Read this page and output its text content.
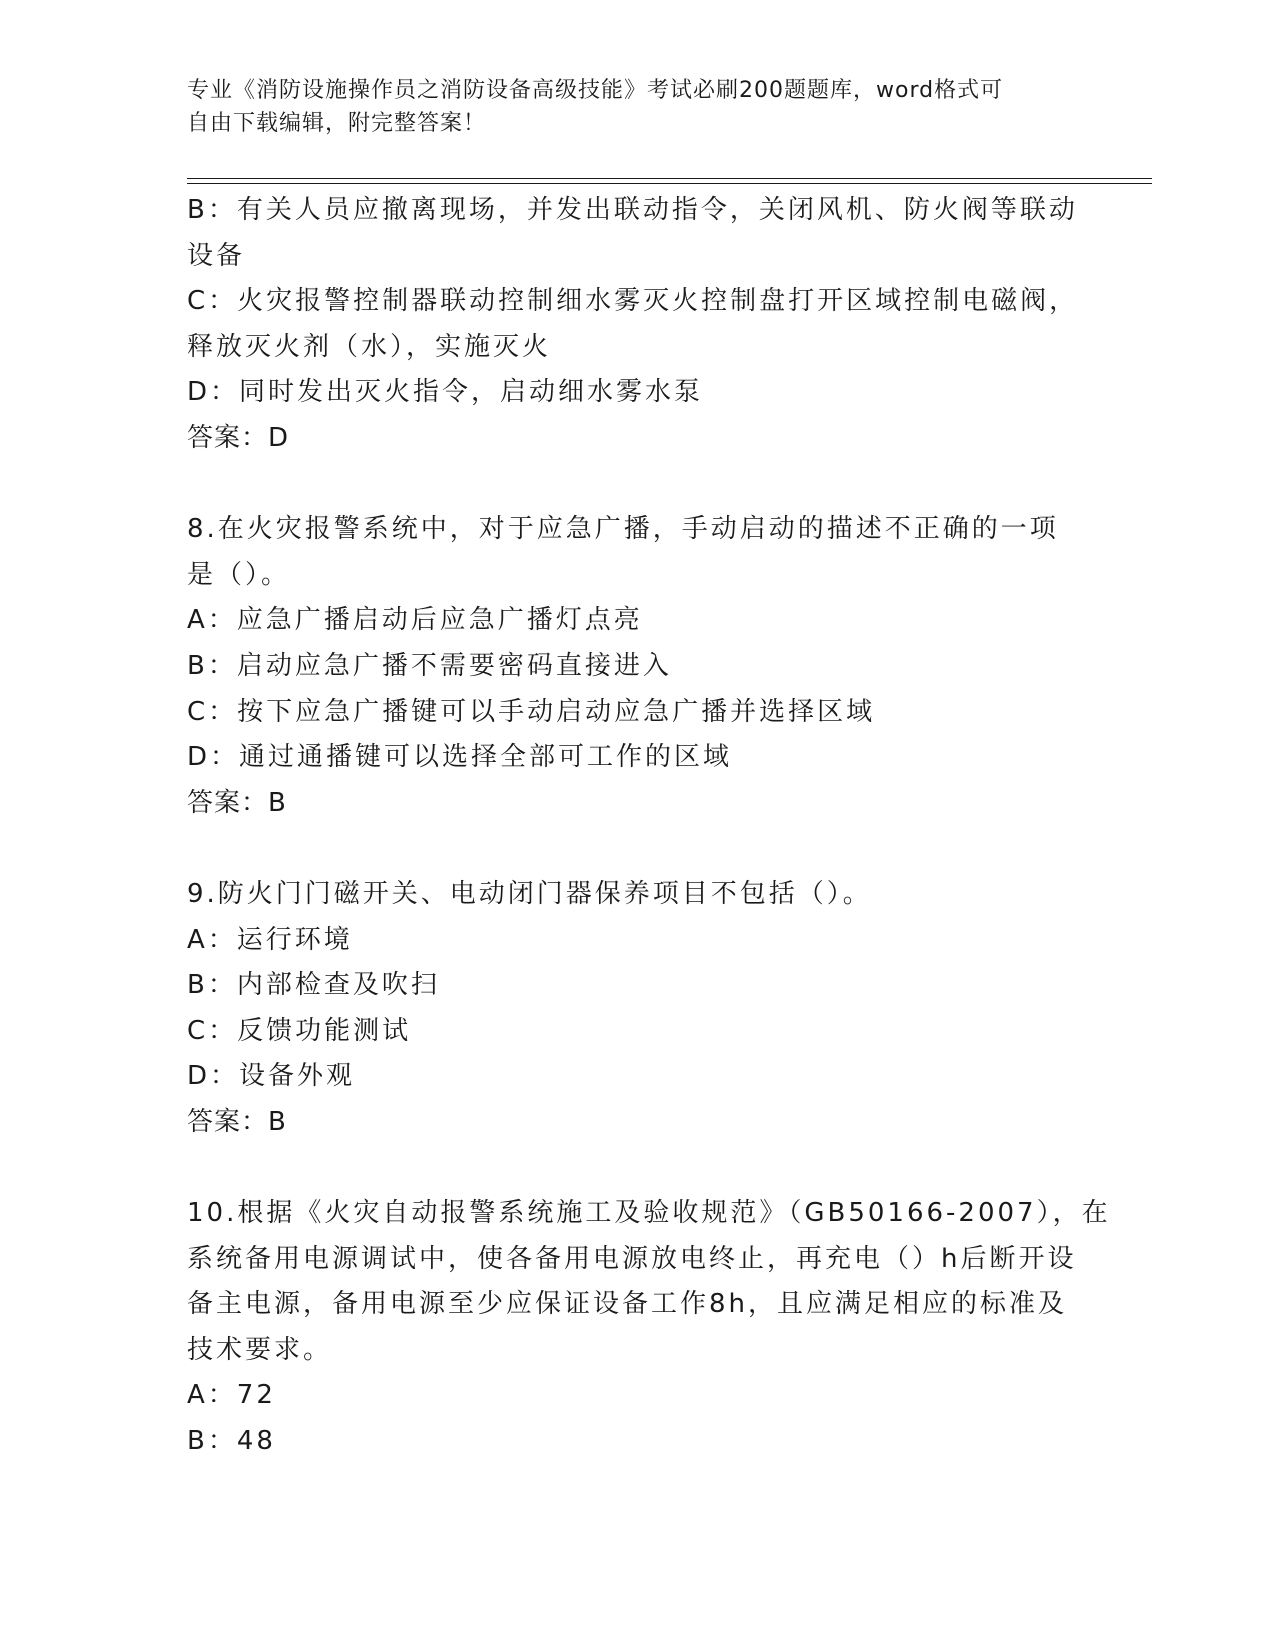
专业《消防设施操作员之消防设备高级技能》考试必刷200题题库，word格式可
自由下载编辑，附完整答案！
B：有关人员应撤离现场，并发出联动指令，关闭风机、防火阀等联动
设备
C：火灾报警控制器联动控制细水雾灭火控制盘打开区域控制电磁阀，
释放灭火剂（水），实施灭火
D：同时发出灭火指令，启动细水雾水泵
答案：D
8.在火灾报警系统中，对于应急广播，手动启动的描述不正确的一项
是（）。
A：应急广播启动后应急广播灯点亮
B：启动应急广播不需要密码直接进入
C：按下应急广播键可以手动启动应急广播并选择区域
D：通过通播键可以选择全部可工作的区域
答案：B
9.防火门门磁开关、电动闭门器保养项目不包括（）。
A：运行环境
B：内部检查及吹扫
C：反馈功能测试
D：设备外观
答案：B
10.根据《火灾自动报警系统施工及验收规范》（GB50166-2007），在
系统备用电源调试中，使各备用电源放电终止，再充电（）h后断开设
备主电源，备用电源至少应保证设备工作8h，且应满足相应的标准及
技术要求。
A：72
B：48
